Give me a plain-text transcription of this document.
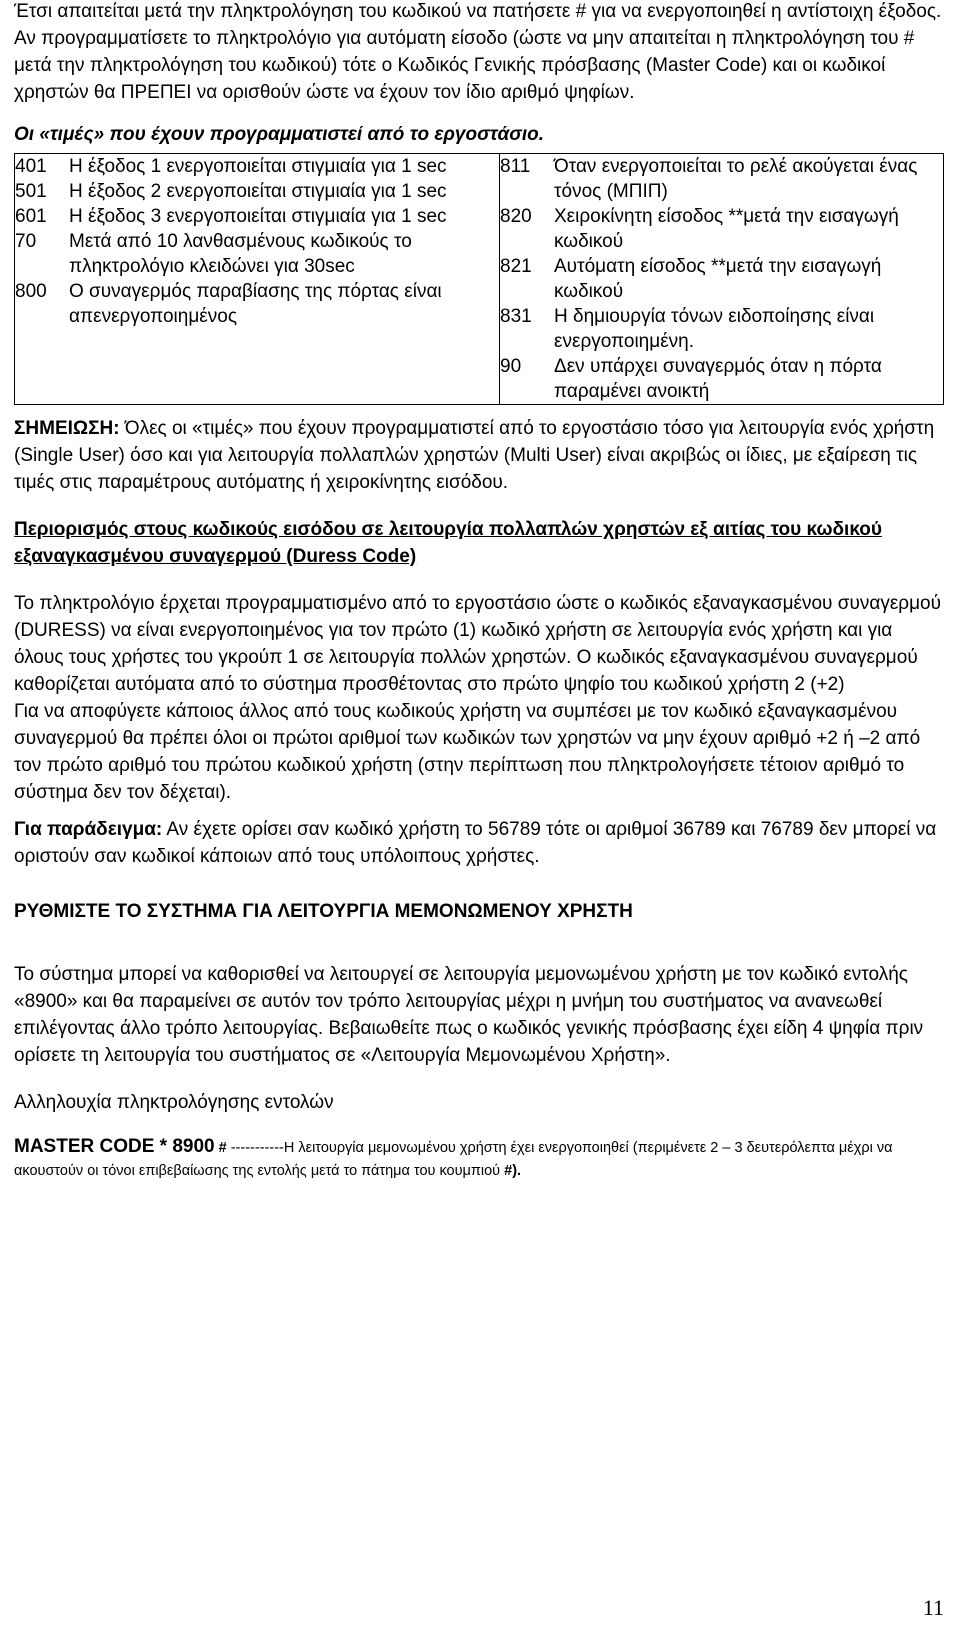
Έτσι απαιτείται μετά την πληκτρολόγηση του κωδικού να πατήσετε # για να ενεργοποιηθεί η αντίστοιχη έξοδος.

Αν προγραμματίσετε το πληκτρολόγιο για αυτόματη είσοδο (ώστε να μην απαιτείται η πληκτρολόγηση του # μετά την πληκτρολόγηση του κωδικού) τότε ο Κωδικός Γενικής πρόσβασης (Master Code) και οι κωδικοί χρηστών θα ΠΡΕΠΕΙ να ορισθούν ώστε να έχουν τον ίδιο αριθμό ψηφίων.

Οι «τιμές» που έχουν προγραμματιστεί από το εργοστάσιο.

401	Η έξοδος 1 ενεργοποιείται στιγμιαία για 1 sec
501	Η έξοδος 2 ενεργοποιείται στιγμιαία για 1 sec
601	Η έξοδος 3 ενεργοποιείται στιγμιαία για 1 sec
70	Μετά από 10 λανθασμένους κωδικούς το πληκτρολόγιο κλειδώνει για 30sec
800	Ο συναγερμός παραβίασης της πόρτας είναι απενεργοποιημένος

811	Όταν ενεργοποιείται το ρελέ ακούγεται ένας τόνος (ΜΠΙΠ)
820	Χειροκίνητη είσοδος **μετά την εισαγωγή κωδικού
821	Αυτόματη είσοδος **μετά την εισαγωγή κωδικού
831	Η δημιουργία τόνων ειδοποίησης είναι ενεργοποιημένη.
90	Δεν υπάρχει συναγερμός όταν η πόρτα παραμένει ανοικτή

ΣΗΜΕΙΩΣΗ: Όλες οι «τιμές» που έχουν προγραμματιστεί από το εργοστάσιο τόσο για λειτουργία ενός χρήστη (Single User) όσο και για λειτουργία πολλαπλών χρηστών (Multi User) είναι ακριβώς οι ίδιες, με εξαίρεση τις τιμές στις παραμέτρους αυτόματης ή χειροκίνητης εισόδου.

Περιορισμός στους κωδικούς εισόδου σε λειτουργία πολλαπλών χρηστών εξ αιτίας του κωδικού εξαναγκασμένου συναγερμού (Duress Code)

Το πληκτρολόγιο έρχεται προγραμματισμένο από το εργοστάσιο ώστε ο κωδικός εξαναγκασμένου συναγερμού (DURESS) να είναι ενεργοποιημένος για τον πρώτο (1) κωδικό χρήστη σε λειτουργία ενός χρήστη και για όλους τους χρήστες του γκρούπ 1 σε λειτουργία πολλών χρηστών. Ο κωδικός εξαναγκασμένου συναγερμού καθορίζεται αυτόματα από το σύστημα προσθέτοντας στο πρώτο ψηφίο του κωδικού χρήστη 2 (+2)

Για να αποφύγετε κάποιος άλλος από τους κωδικούς χρήστη να συμπέσει με τον κωδικό εξαναγκασμένου συναγερμού θα πρέπει όλοι οι πρώτοι αριθμοί των κωδικών των χρηστών να μην έχουν αριθμό +2 ή –2 από τον πρώτο αριθμό του πρώτου κωδικού χρήστη (στην περίπτωση που πληκτρολογήσετε τέτοιον αριθμό το σύστημα δεν τον δέχεται).

Για παράδειγμα: Αν έχετε ορίσει σαν κωδικό χρήστη το 56789 τότε οι αριθμοί 36789 και 76789 δεν μπορεί να οριστούν σαν κωδικοί κάποιων από τους υπόλοιπους χρήστες.

ΡΥΘΜΙΣΤΕ ΤΟ ΣΥΣΤΗΜΑ ΓΙΑ ΛΕΙΤΟΥΡΓΙΑ ΜΕΜΟΝΩΜΕΝΟΥ ΧΡΗΣΤΗ

Το σύστημα μπορεί να καθορισθεί να λειτουργεί σε λειτουργία μεμονωμένου χρήστη με τον κωδικό εντολής «8900» και θα παραμείνει σε αυτόν τον τρόπο λειτουργίας μέχρι η μνήμη του συστήματος να ανανεωθεί επιλέγοντας άλλο τρόπο λειτουργίας. Βεβαιωθείτε πως ο κωδικός γενικής πρόσβασης έχει είδη 4 ψηφία πριν ορίσετε τη λειτουργία του συστήματος σε «Λειτουργία Μεμονωμένου Χρήστη».

Αλληλουχία πληκτρολόγησης εντολών

MASTER CODE * 8900 # -----------Η λειτουργία μεμονωμένου χρήστη έχει ενεργοποιηθεί (περιμένετε 2 – 3 δευτερόλεπτα μέχρι να ακουστούν οι τόνοι επιβεβαίωσης της εντολής μετά το πάτημα του κουμπιού #).

11
